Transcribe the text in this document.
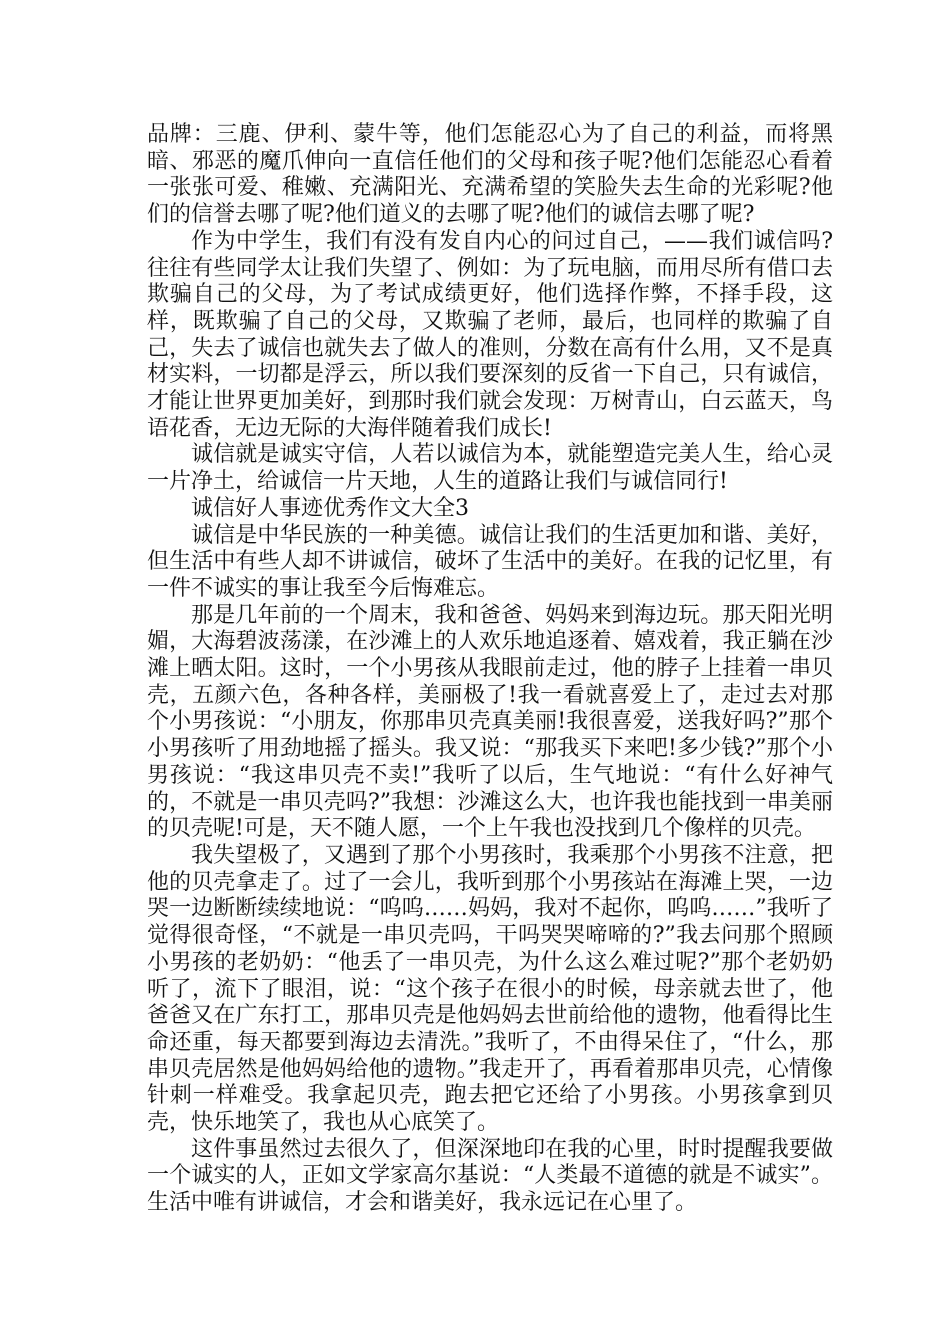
品牌：三鹿、伊利、蒙牛等，他们怎能忍心为了自己的利益，而将黑暗、邪恶的魔爪伸向一直信任他们的父母和孩子呢?他们怎能忍心看着一张张可爱、稚嫩、充满阳光、充满希望的笑脸失去生命的光彩呢?他们的信誉去哪了呢?他们道义的去哪了呢?他们的诚信去哪了呢?

作为中学生，我们有没有发自内心的问过自己，——我们诚信吗?往往有些同学太让我们失望了、例如：为了玩电脑，而用尽所有借口去欺骗自己的父母，为了考试成绩更好，他们选择作弊，不择手段，这样，既欺骗了自己的父母，又欺骗了老师，最后，也同样的欺骗了自己，失去了诚信也就失去了做人的准则，分数在高有什么用，又不是真材实料，一切都是浮云，所以我们要深刻的反省一下自己，只有诚信，才能让世界更加美好，到那时我们就会发现：万树青山，白云蓝天，鸟语花香，无边无际的大海伴随着我们成长!

诚信就是诚实守信，人若以诚信为本，就能塑造完美人生，给心灵一片净土，给诚信一片天地，人生的道路让我们与诚信同行!

诚信好人事迹优秀作文大全3

诚信是中华民族的一种美德。诚信让我们的生活更加和谐、美好，但生活中有些人却不讲诚信，破坏了生活中的美好。在我的记忆里，有一件不诚实的事让我至今后悔难忘。

那是几年前的一个周末，我和爸爸、妈妈来到海边玩。那天阳光明媚，大海碧波荡漾，在沙滩上的人欢乐地追逐着、嬉戏着，我正躺在沙滩上晒太阳。这时，一个小男孩从我眼前走过，他的脖子上挂着一串贝壳，五颜六色，各种各样，美丽极了!我一看就喜爱上了，走过去对那个小男孩说：“小朋友，你那串贝壳真美丽!我很喜爱，送我好吗?”那个小男孩听了用劲地摇了摇头。我又说：“那我买下来吧!多少钱?”那个小男孩说：“我这串贝壳不卖!”我听了以后，生气地说：“有什么好神气的，不就是一串贝壳吗?”我想：沙滩这么大，也许我也能找到一串美丽的贝壳呢!可是，天不随人愿，一个上午我也没找到几个像样的贝壳。

我失望极了，又遇到了那个小男孩时，我乘那个小男孩不注意，把他的贝壳拿走了。过了一会儿，我听到那个小男孩站在海滩上哭，一边哭一边断断续续地说：“呜呜……妈妈，我对不起你，呜呜……”我听了觉得很奇怪，“不就是一串贝壳吗，干吗哭哭啼啼的?”我去问那个照顾小男孩的老奶奶：“他丢了一串贝壳，为什么这么难过呢?”那个老奶奶听了，流下了眼泪，说：“这个孩子在很小的时候，母亲就去世了，他爸爸又在广东打工，那串贝壳是他妈妈去世前给他的遗物，他看得比生命还重，每天都要到海边去清洗。”我听了，不由得呆住了，“什么，那串贝壳居然是他妈妈给他的遗物。”我走开了，再看着那串贝壳，心情像针刺一样难受。我拿起贝壳，跑去把它还给了小男孩。小男孩拿到贝壳，快乐地笑了，我也从心底笑了。

这件事虽然过去很久了，但深深地印在我的心里，时时提醒我要做一个诚实的人，正如文学家高尔基说：“人类最不道德的就是不诚实”。生活中唯有讲诚信，才会和谐美好，我永远记在心里了。
